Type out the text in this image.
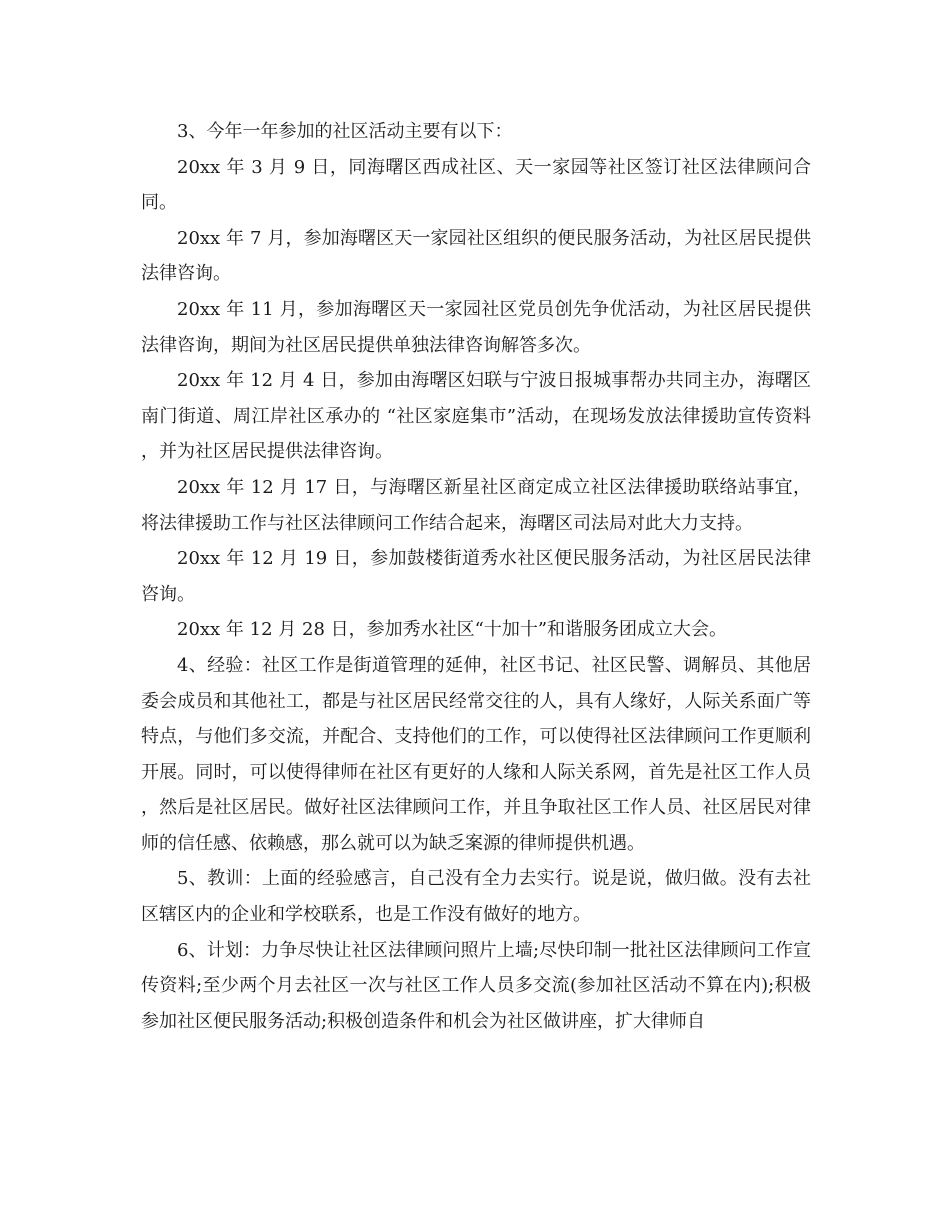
3、今年一年参加的社区活动主要有以下：

20xx 年 3 月 9 日，同海曙区西成社区、天一家园等社区签订社区法律顾问合同。

20xx 年 7 月，参加海曙区天一家园社区组织的便民服务活动，为社区居民提供法律咨询。

20xx 年 11 月，参加海曙区天一家园社区党员创先争优活动，为社区居民提供法律咨询，期间为社区居民提供单独法律咨询解答多次。

20xx 年 12 月 4 日，参加由海曙区妇联与宁波日报城事帮办共同主办，海曙区南门街道、周江岸社区承办的 “社区家庭集市”活动，在现场发放法律援助宣传资料，并为社区居民提供法律咨询。

20xx 年 12 月 17 日，与海曙区新星社区商定成立社区法律援助联络站事宜，将法律援助工作与社区法律顾问工作结合起来，海曙区司法局对此大力支持。

20xx 年 12 月 19 日，参加鼓楼街道秀水社区便民服务活动，为社区居民法律咨询。

20xx 年 12 月 28 日，参加秀水社区“十加十”和谐服务团成立大会。

4、经验：社区工作是街道管理的延伸，社区书记、社区民警、调解员、其他居委会成员和其他社工，都是与社区居民经常交往的人，具有人缘好，人际关系面广等特点，与他们多交流，并配合、支持他们的工作，可以使得社区法律顾问工作更顺利开展。同时，可以使得律师在社区有更好的人缘和人际关系网，首先是社区工作人员，然后是社区居民。做好社区法律顾问工作，并且争取社区工作人员、社区居民对律师的信任感、依赖感，那么就可以为缺乏案源的律师提供机遇。

5、教训：上面的经验感言，自己没有全力去实行。说是说，做归做。没有去社区辖区内的企业和学校联系，也是工作没有做好的地方。

6、计划：力争尽快让社区法律顾问照片上墙;尽快印制一批社区法律顾问工作宣传资料;至少两个月去社区一次与社区工作人员多交流(参加社区活动不算在内);积极参加社区便民服务活动;积极创造条件和机会为社区做讲座，扩大律师自
